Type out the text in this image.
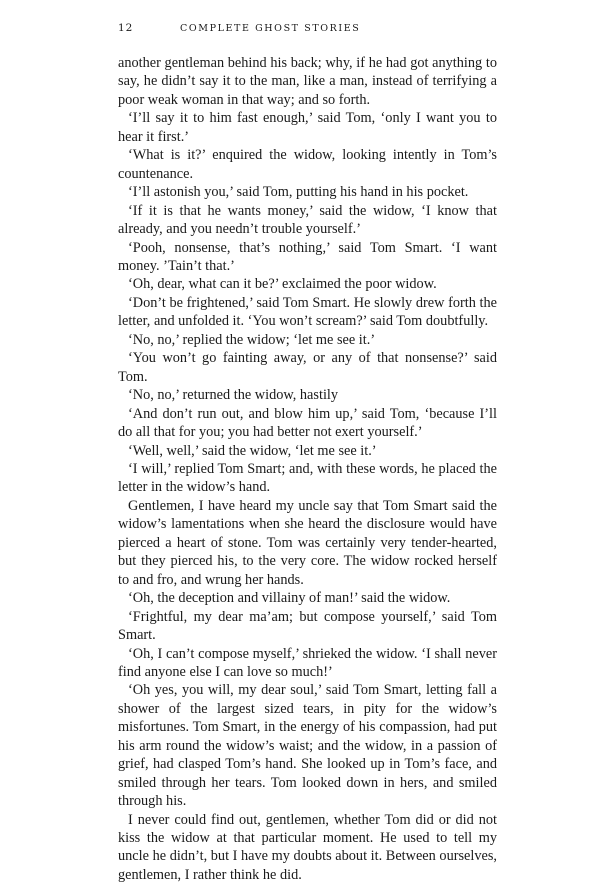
12	COMPLETE GHOST STORIES

another gentleman behind his back; why, if he had got anything to say, he didn’t say it to the man, like a man, instead of terrifying a poor weak woman in that way; and so forth.

‘I’ll say it to him fast enough,’ said Tom, ‘only I want you to hear it first.’

‘What is it?’ enquired the widow, looking intently in Tom’s countenance.

‘I’ll astonish you,’ said Tom, putting his hand in his pocket.

‘If it is that he wants money,’ said the widow, ‘I know that already, and you needn’t trouble yourself.’

‘Pooh, nonsense, that’s nothing,’ said Tom Smart. ‘I want money. ’Tain’t that.’

‘Oh, dear, what can it be?’ exclaimed the poor widow.

‘Don’t be frightened,’ said Tom Smart. He slowly drew forth the letter, and unfolded it. ‘You won’t scream?’ said Tom doubtfully.

‘No, no,’ replied the widow; ‘let me see it.’

‘You won’t go fainting away, or any of that nonsense?’ said Tom.

‘No, no,’ returned the widow, hastily

‘And don’t run out, and blow him up,’ said Tom, ‘because I’ll do all that for you; you had better not exert yourself.’

‘Well, well,’ said the widow, ‘let me see it.’

‘I will,’ replied Tom Smart; and, with these words, he placed the letter in the widow’s hand.

Gentlemen, I have heard my uncle say that Tom Smart said the widow’s lamentations when she heard the disclosure would have pierced a heart of stone. Tom was certainly very tender-hearted, but they pierced his, to the very core. The widow rocked herself to and fro, and wrung her hands.

‘Oh, the deception and villainy of man!’ said the widow.

‘Frightful, my dear ma’am; but compose yourself,’ said Tom Smart.

‘Oh, I can’t compose myself,’ shrieked the widow. ‘I shall never find anyone else I can love so much!’

‘Oh yes, you will, my dear soul,’ said Tom Smart, letting fall a shower of the largest sized tears, in pity for the widow’s misfortunes. Tom Smart, in the energy of his compassion, had put his arm round the widow’s waist; and the widow, in a passion of grief, had clasped Tom’s hand. She looked up in Tom’s face, and smiled through her tears. Tom looked down in hers, and smiled through his.

I never could find out, gentlemen, whether Tom did or did not kiss the widow at that particular moment. He used to tell my uncle he didn’t, but I have my doubts about it. Between ourselves, gentlemen, I rather think he did.
